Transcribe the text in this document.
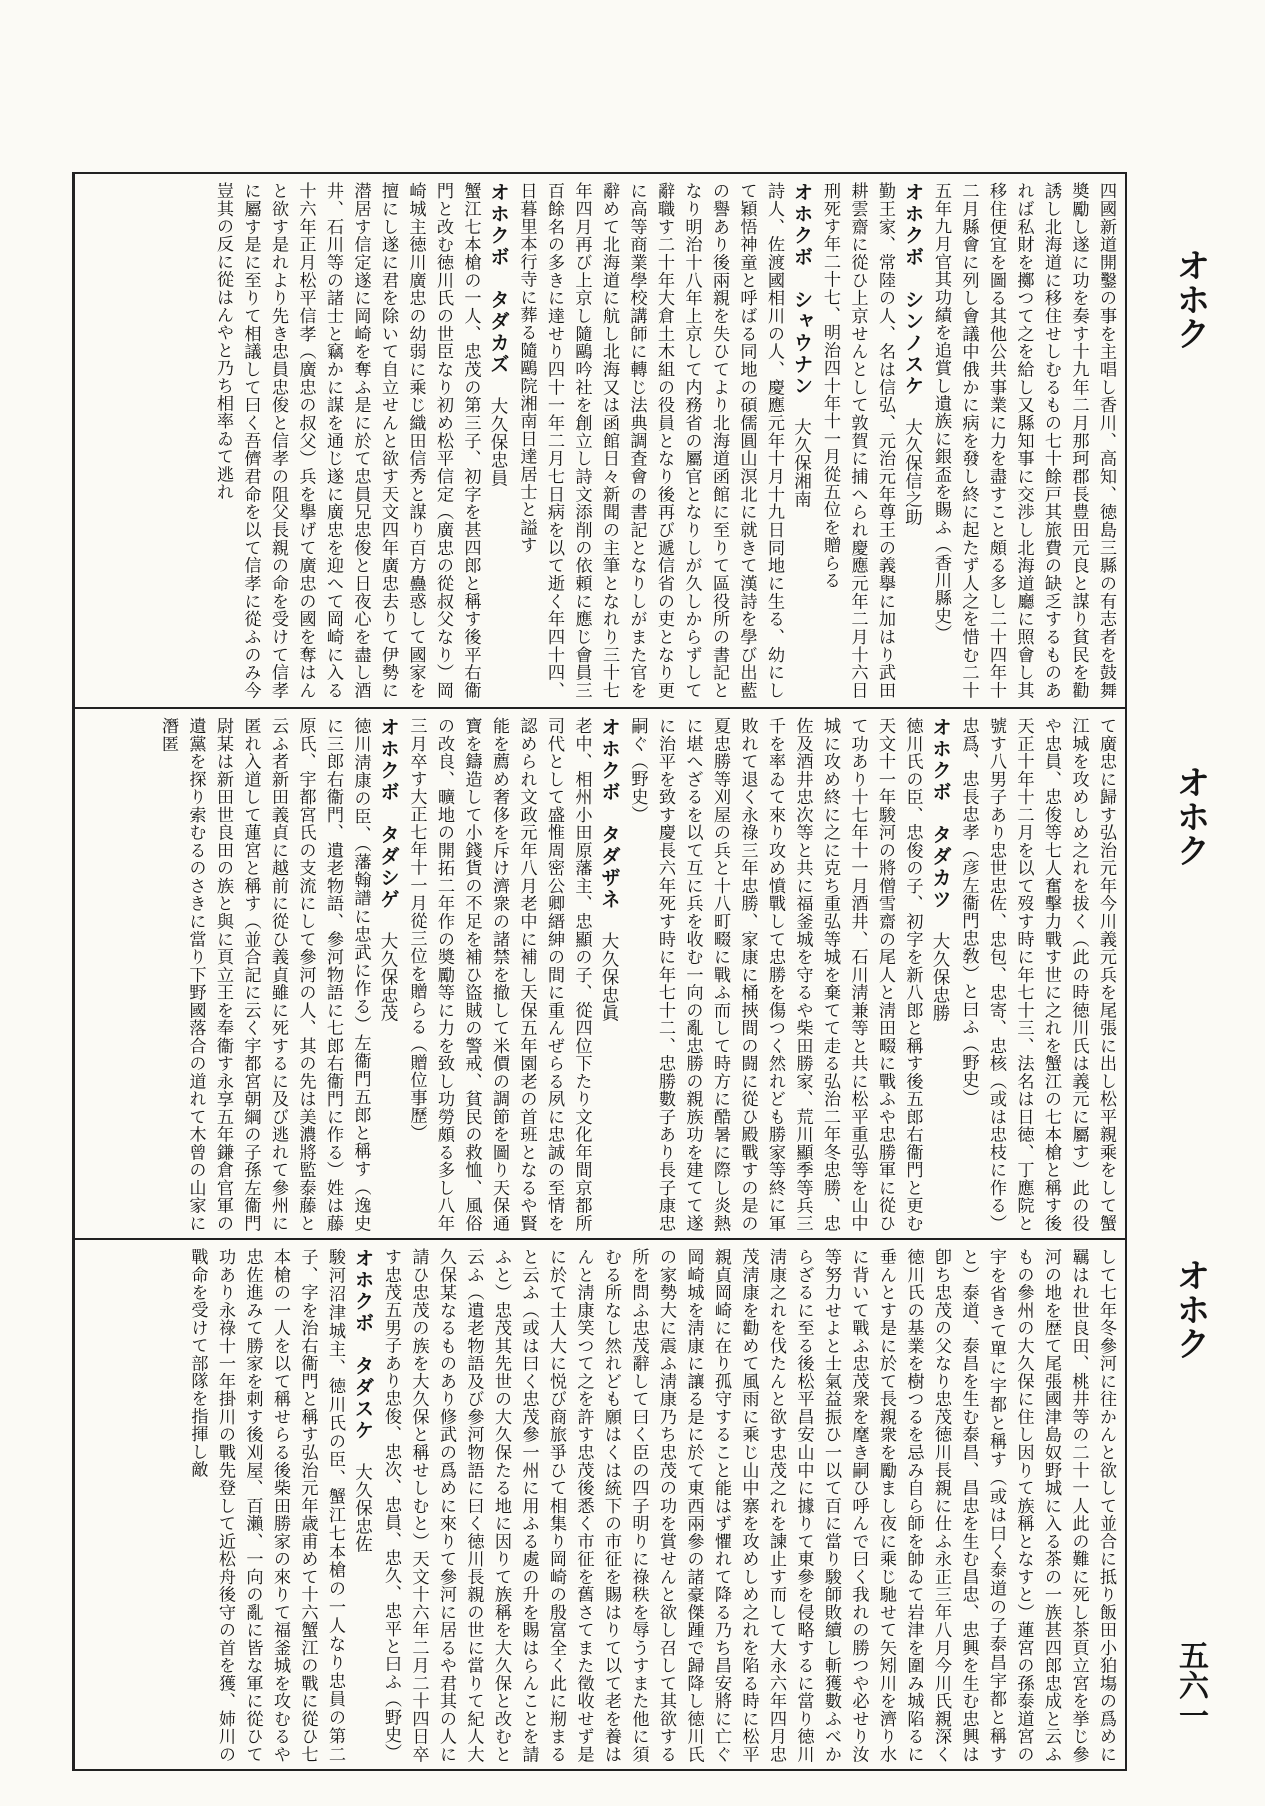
オホク
オホク
オホク
五六一

四國新道開鑿の事を主唱し香川、高知、徳島三縣の有志者を鼓舞奬勵し遂に功を奏す十九年二月那珂郡長豊田元良と謀り貧民を勸誘し北海道に移住せしむるもの七十餘戸其旅費の缺乏するものあれば私財を擲つて之を給し又縣知事に交渉し北海道廳に照會し其移住便宜を圖る其他公共事業に力を盡すこと頗る多し二十四年十二月縣會に列し會議中俄かに病を發し終に起たず人之を惜む二十五年九月官其功績を追賞し遺族に銀盃を賜ふ（香川縣史）

オホクボ　シンノスケ大久保信之助
勤王家、常陸の人、名は信弘、元治元年尊王の義擧に加はり武田耕雲齋に從ひ上京せんとして敦賀に捕へられ慶應元年二月十六日刑死す年二十七、明治四十年十一月從五位を贈らる
オホクボ　シャウナン大久保湘南
詩人、佐渡國相川の人、慶應元年十月十九日同地に生る、幼にして穎悟神童と呼ばる同地の碩儒圓山溟北に就きて漢詩を學び出藍の譽あり後兩親を失ひてより北海道函館に至りて區役所の書記となり明治十八年上京して内務省の屬官となりしが久しからずして辭職す二十年大倉土木組の役員となり後再び遞信省の吏となり更に高等商業學校講師に轉じ法典調査會の書記となりしがまた官を辭めて北海道に航し北海又は函館日々新聞の主筆となれり三十七年四月再び上京し隨鷗吟社を創立し詩文添削の依頼に應じ會員三百餘名の多きに達せり四十一年二月七日病を以て逝く年四十四、日暮里本行寺に葬る隨鷗院湘南日達居士と謚す
オホクボ　タダカズ大久保忠員
蟹江七本槍の一人、忠茂の第三子、初字を甚四郎と稱す後平右衞門と改む徳川氏の世臣なり初め松平信定（廣忠の從叔父なり）岡崎城主徳川廣忠の幼弱に乘じ織田信秀と謀り百方蠱惑して國家を擅にし遂に君を除いて自立せんと欲す天文四年廣忠去りて伊勢に潜居す信定遂に岡崎を奪ふ是に於て忠員兄忠俊と日夜心を盡し酒井、石川等の諸士と竊かに謀を通じ遂に廣忠を迎へて岡崎に入る十六年正月松平信孝（廣忠の叔父）兵を擧げて廣忠の國を奪はんと欲す是れより先き忠員忠俊と信孝の阻父長親の命を受けて信孝に屬す是に至りて相議して曰く吾儕君命を以て信孝に從ふのみ今豈其の反に從はんやと乃ち相率ゐて逃れ

て廣忠に歸す弘治元年今川義元兵を尾張に出し松平親乘をして蟹江城を攻めしめ之れを拔く（此の時徳川氏は義元に屬す）此の役や忠員、忠俊等七人奮擊力戰す世に之れを蟹江の七本槍と稱す後天正十年十二月を以て歿す時に年七十三、法名は日徳、丁應院と號す八男子あり忠世忠佐、忠包、忠寄、忠核（或は忠枝に作る）忠爲、忠長忠孝（彦左衞門忠敎）と曰ふ（野史）

オホクボ　タダカツ大久保忠勝
徳川氏の臣、忠俊の子、初字を新八郎と稱す後五郎右衞門と更む天文十一年駿河の將僧雪齋の尾人と淸田畷に戰ふや忠勝軍に從ひて功あり十七年十一月酒井、石川淸兼等と共に松平重弘等を山中城に攻め終に之に克ち重弘等城を棄てて走る弘治二年冬忠勝、忠佐及酒井忠次等と共に福釜城を守るや柴田勝家、荒川顯季等兵三千を率ゐて來り攻め憤戰して忠勝を傷つく然れども勝家等終に軍敗れて退く永祿三年忠勝、家康に桶挾間の闘に從ひ殿戰すの是の夏忠勝等刈屋の兵と十八町畷に戰ふ而して時方に酷暑に際し炎熱に堪へざるを以て互に兵を收む一向の亂忠勝の親族功を建てて遂に治平を致す慶長六年死す時に年七十二、忠勝數子あり長子康忠嗣ぐ（野史）
オホクボ　タダザネ大久保忠眞
老中、相州小田原藩主、忠顯の子、從四位下たり文化年間京都所司代として盛惟周密公卿縉紳の間に重んぜらる夙に忠誠の至情を認められ文政元年八月老中に補し天保五年園老の首班となるや賢能を薦め奢侈を斥け濟衆の諸禁を撤して米價の調節を圖り天保通寶を鑄造して小錢貨の不足を補ひ盜賊の警戒、貧民の救恤、風俗の改良、曠地の開拓二年作の奬勵等に力を致し功勞頗る多し八年三月卒す大正七年十一月從三位を贈らる（贈位事歷）
オホクボ　タダシゲ大久保忠茂
徳川淸康の臣、（藩翰譜に忠武に作る）左衞門五郎と稱す（逸史に三郎右衞門、遺老物語、參河物語に七郎右衞門に作る）姓は藤原氏、宇都宮氏の支流にして參河の人、其の先は美濃將監泰藤と云ふ者新田義貞に越前に從ひ義貞雖に死するに及び逃れて參州に匿れ入道して蓮宮と稱す（並合記に云く宇都宮朝綱の子孫左衞門尉某は新田世良田の族と與に頁立王を奉衞す永享五年鎌倉官軍の遺黨を探り索むるのさきに當り下野國落合の道れて木曾の山家に潛匿

して七年冬參河に往かんと欲して並合に抵り飯田小狛塲の爲めに羈はれ世良田、桃井等の二十一人此の難に死し茶頁立宮を挙じ參河の地を歴て尾張國津島奴野城に入る茶の一族甚四郎忠成と云ふもの參州の大久保に住し因りて族稱となすと）蓮宮の孫泰道宮の宇を省きて單に宇都と稱す（或は曰く泰道の子泰昌宇都と稱すと）泰道、泰昌を生む泰昌、昌忠を生む昌忠、忠興を生む忠興は卽ち忠茂の父なり忠茂徳川長親に仕ふ永正三年八月今川氏親深く徳川氏の基業を樹つるを忌み自ら師を帥ゐて岩津を圍み城陷るに垂んとす是に於て長親衆を勵まし夜に乘じ馳せて矢矧川を濟り水に背いて戰ふ忠茂衆を麾き嗣ひ呼んで曰く我れの勝つや必せり汝等努力せよと士氣益振ひ一以て百に當り駿師敗續し斬獲數ふべからざるに至る後松平昌安山中に據りて東參を侵略するに當り徳川淸康之れを伐たんと欲す忠茂之れを諫止す而して大永六年四月忠茂淸康を勸めて風雨に乘じ山中寨を攻めしめ之れを陷る時に松平親貞岡崎に在り孤守すること能はず懼れて降る乃ち昌安將に亡ぐ岡崎城を淸康に讓る是に於て東西兩參の諸豪傑踵で歸降し徳川氏の家勢大に震ふ淸康乃ち忠茂の功を賞せんと欲し召して其欲する所を問ふ忠茂辭して曰く臣の四子明りに祿秩を辱うすまた他に須むる所なし然れども願はくは統下の市征を賜はりて以て老を養はんと淸康笑つて之を許す忠茂後悉く市征を舊さてまた徵收せず是に於て士人大に悦び商旅爭ひて相集り岡崎の殷富全く此に剏まると云ふ（或は曰く忠茂參一州に用ふる處の升を賜はらんことを請ふと）忠茂其先世の大久保たる地に因りて族稱を大久保と改むと云ふ（遺老物語及び參河物語に曰く徳川長親の世に當りて紀人大久保某なるものあり修武の爲めに來りて參河に居るや君其の人に請ひ忠茂の族を大久保と稱せしむと）天文十六年二月二十四日卒す忠茂五男子あり忠俊、忠次、忠員、忠久、忠平と曰ふ（野史）

オホクボ　タダスケ大久保忠佐
駿河沼津城主、徳川氏の臣、蟹江七本槍の一人なり忠員の第二子、字を治右衞門と稱す弘治元年歳甫めて十六蟹江の戰に從ひ七本槍の一人を以て稱せらる後柴田勝家の來りて福釜城を攻むるや忠佐進みて勝家を刺す後刈屋、百瀨、一向の亂に皆な軍に從ひて功あり永祿十一年掛川の戰先登して近松舟後守の首を獲、姉川の戰命を受けて部隊を指揮し敵
